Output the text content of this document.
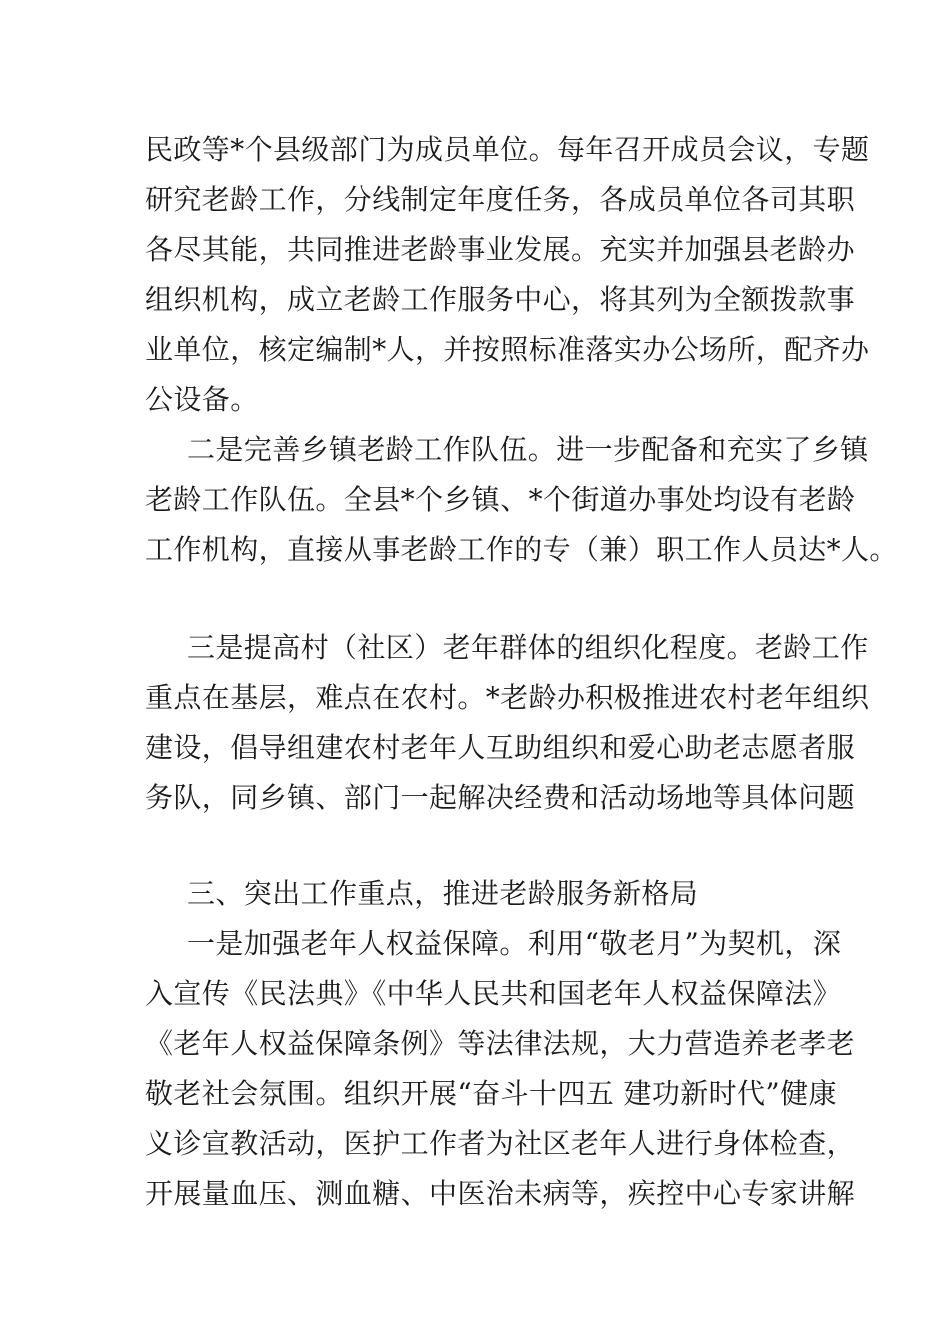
民政等*个县级部门为成员单位。每年召开成员会议，专题

研究老龄工作，分线制定年度任务，各成员单位各司其职

各尽其能，共同推进老龄事业发展。充实并加强县老龄办

组织机构，成立老龄工作服务中心，将其列为全额拨款事

业单位，核定编制*人，并按照标准落实办公场所，配齐办

公设备。

二是完善乡镇老龄工作队伍。进一步配备和充实了乡镇

老龄工作队伍。全县*个乡镇、*个街道办事处均设有老龄

工作机构，直接从事老龄工作的专（兼）职工作人员达*人。

三是提高村（社区）老年群体的组织化程度。老龄工作

重点在基层，难点在农村。*老龄办积极推进农村老年组织

建设，倡导组建农村老年人互助组织和爱心助老志愿者服

务队，同乡镇、部门一起解决经费和活动场地等具体问题

三、突出工作重点，推进老龄服务新格局

一是加强老年人权益保障。利用“敬老月”为契机，深

入宣传《民法典》《中华人民共和国老年人权益保障法》

《老年人权益保障条例》等法律法规，大力营造养老孝老

敬老社会氛围。组织开展“奋斗十四五 建功新时代”健康

义诊宣教活动，医护工作者为社区老年人进行身体检查，

开展量血压、测血糖、中医治未病等，疾控中心专家讲解
